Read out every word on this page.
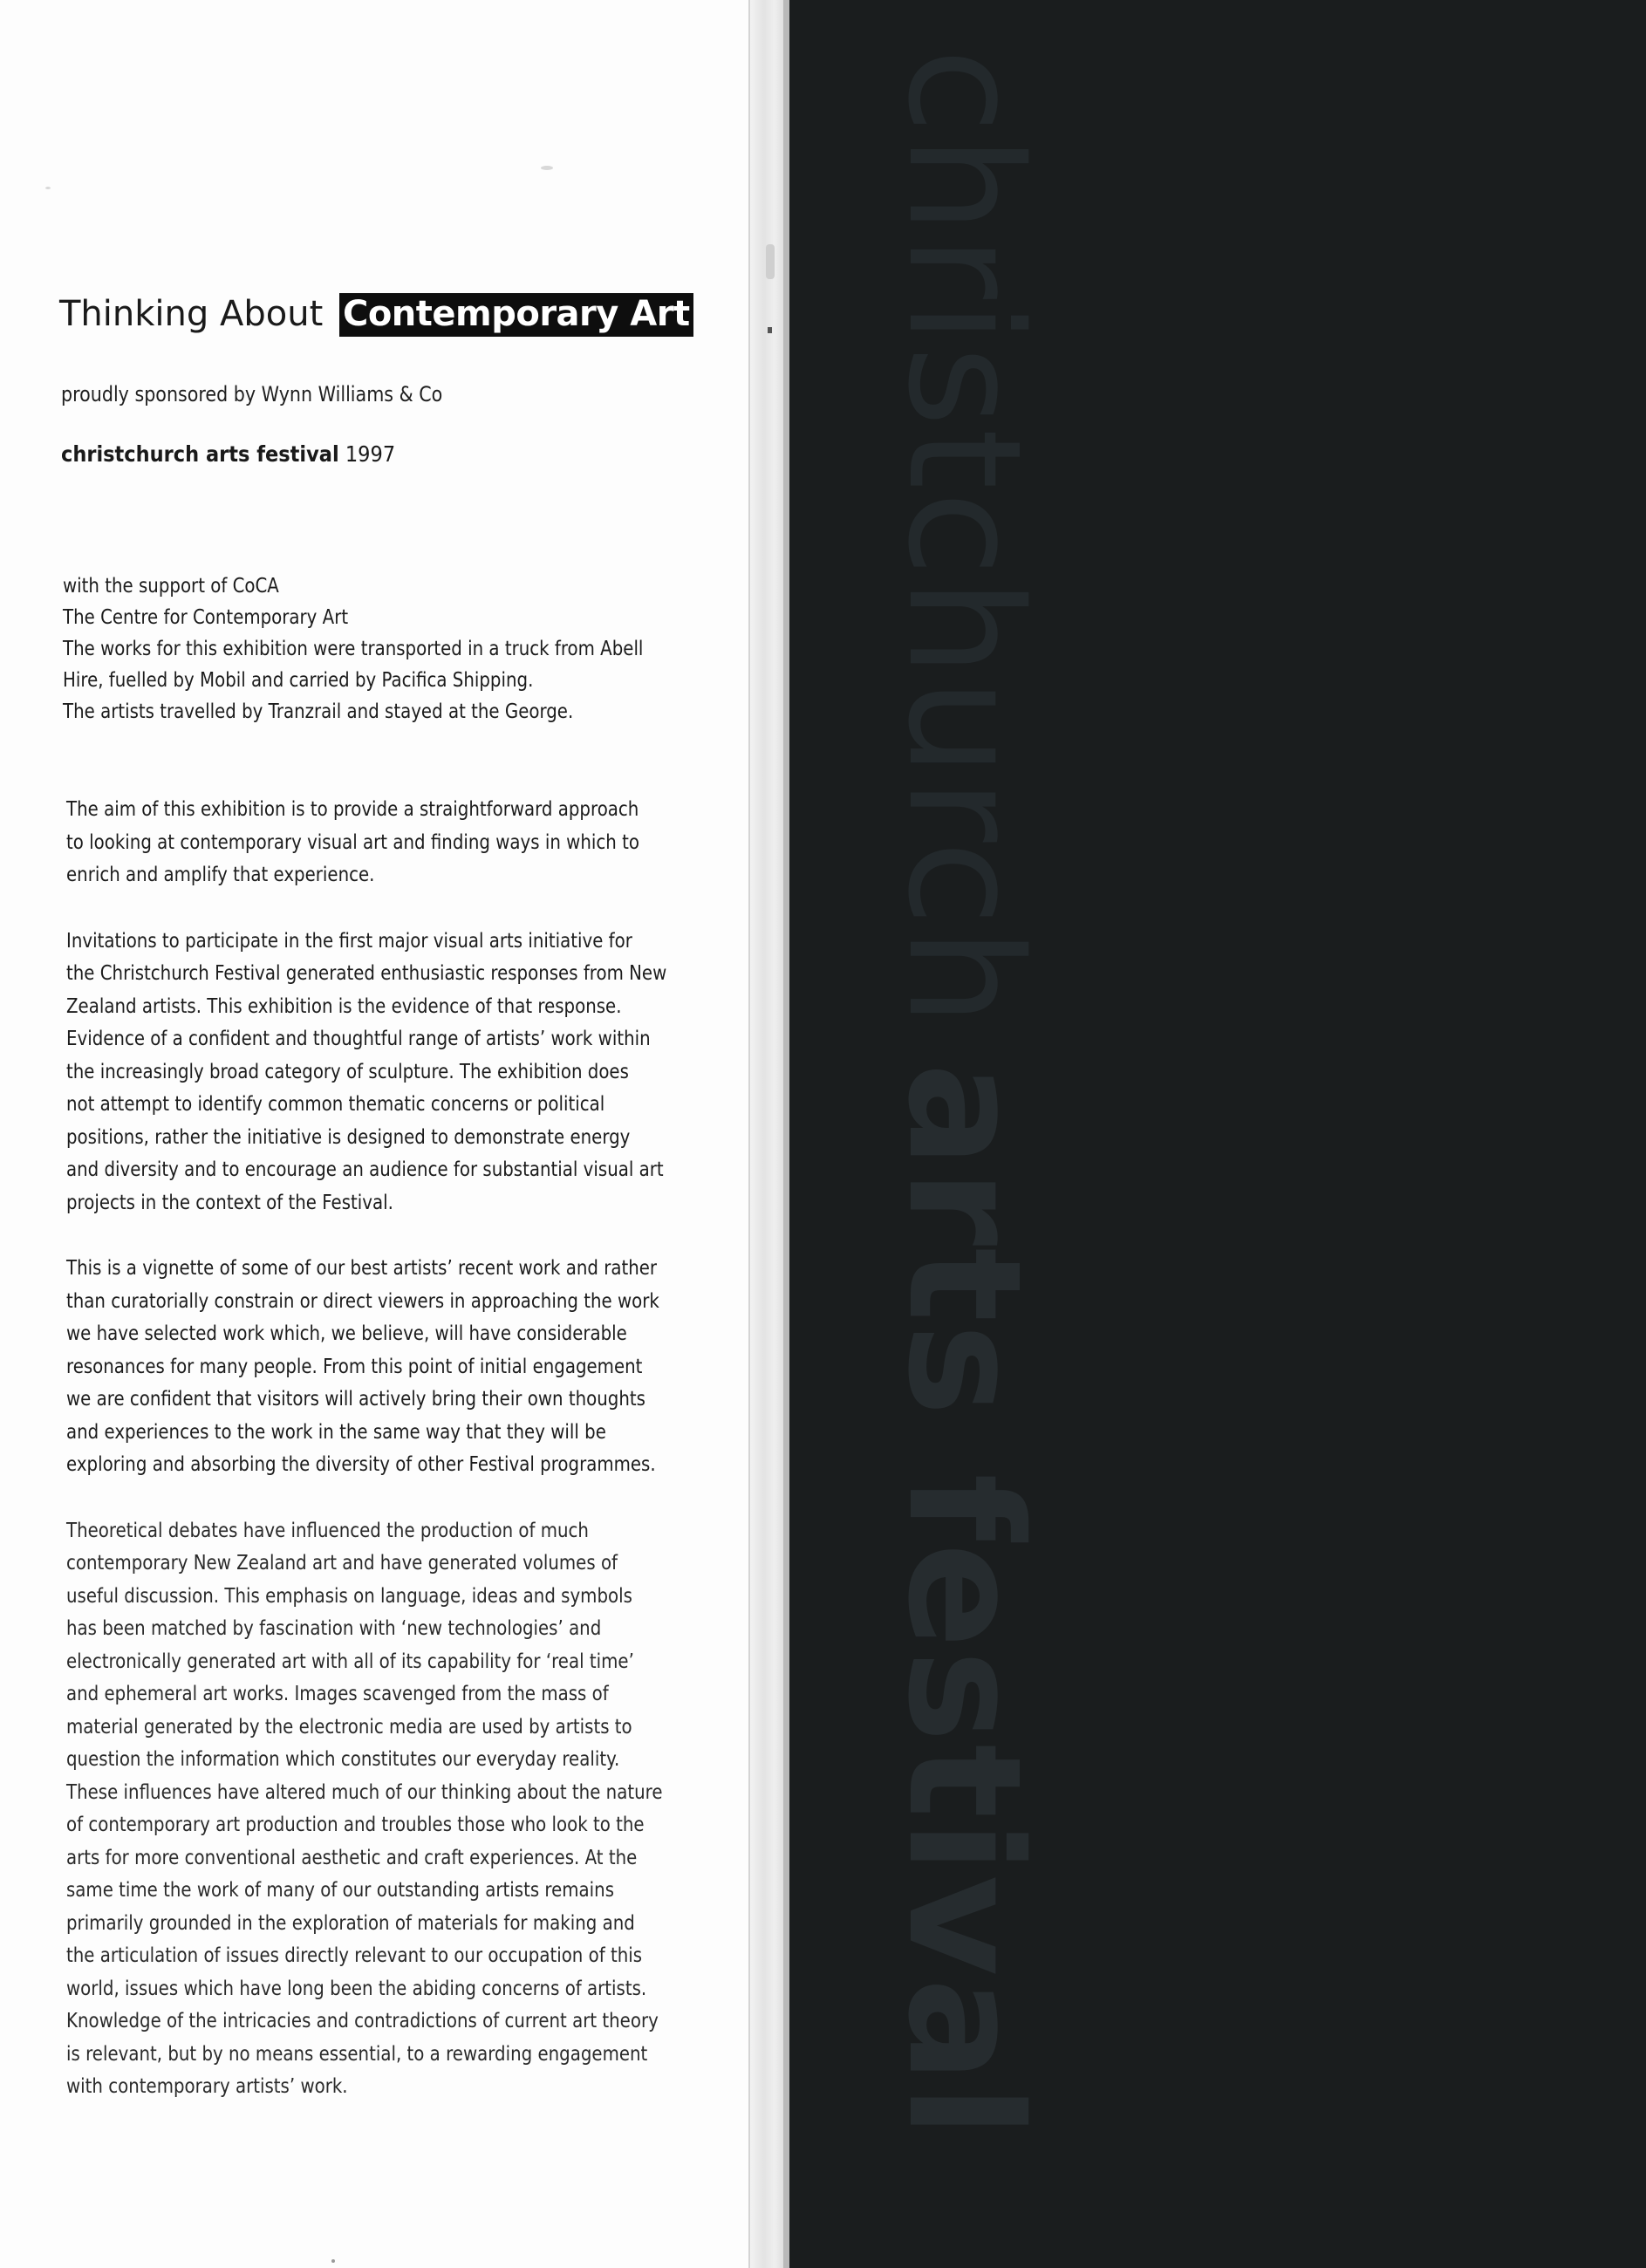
Thinking About Contemporary Art
proudly sponsored by Wynn Williams & Co
christchurch arts festival 1997
with the support of CoCA
The Centre for Contemporary Art
The works for this exhibition were transported in a truck from Abell
Hire, fuelled by Mobil and carried by Pacifica Shipping.
The artists travelled by Tranzrail and stayed at the George.

The aim of this exhibition is to provide a straightforward approach
to looking at contemporary visual art and finding ways in which to
enrich and amplify that experience.

Invitations to participate in the first major visual arts initiative for
the Christchurch Festival generated enthusiastic responses from New
Zealand artists. This exhibition is the evidence of that response.
Evidence of a confident and thoughtful range of artists’ work within
the increasingly broad category of sculpture. The exhibition does
not attempt to identify common thematic concerns or political
positions, rather the initiative is designed to demonstrate energy
and diversity and to encourage an audience for substantial visual art
projects in the context of the Festival.

This is a vignette of some of our best artists’ recent work and rather
than curatorially constrain or direct viewers in approaching the work
we have selected work which, we believe, will have considerable
resonances for many people. From this point of initial engagement
we are confident that visitors will actively bring their own thoughts
and experiences to the work in the same way that they will be
exploring and absorbing the diversity of other Festival programmes.

Theoretical debates have influenced the production of much
contemporary New Zealand art and have generated volumes of
useful discussion. This emphasis on language, ideas and symbols
has been matched by fascination with ‘new technologies’ and
electronically generated art with all of its capability for ‘real time’
and ephemeral art works. Images scavenged from the mass of
material generated by the electronic media are used by artists to
question the information which constitutes our everyday reality.
These influences have altered much of our thinking about the nature
of contemporary art production and troubles those who look to the
arts for more conventional aesthetic and craft experiences. At the
same time the work of many of our outstanding artists remains
primarily grounded in the exploration of materials for making and
the articulation of issues directly relevant to our occupation of this
world, issues which have long been the abiding concerns of artists.
Knowledge of the intricacies and contradictions of current art theory
is relevant, but by no means essential, to a rewarding engagement
with contemporary artists’ work.

christchurcharts festival
